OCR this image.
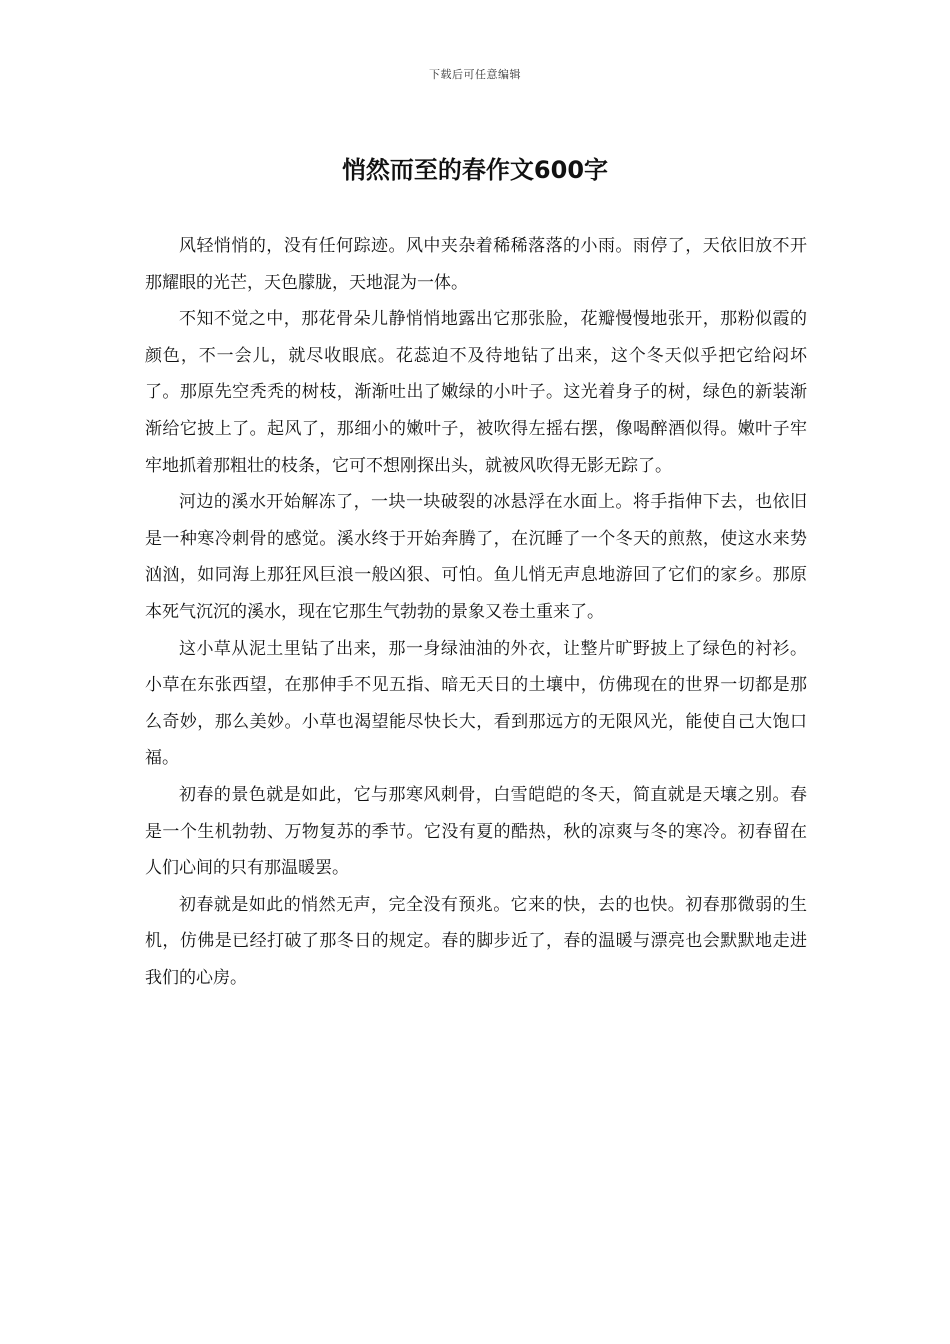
下载后可任意编辑
悄然而至的春作文600字

风轻悄悄的，没有任何踪迹。风中夹杂着稀稀落落的小雨。雨停了，天依旧放不开那耀眼的光芒，天色朦胧，天地混为一体。

不知不觉之中，那花骨朵儿静悄悄地露出它那张脸，花瓣慢慢地张开，那粉似霞的颜色，不一会儿，就尽收眼底。花蕊迫不及待地钻了出来，这个冬天似乎把它给闷坏了。那原先空秃秃的树枝，渐渐吐出了嫩绿的小叶子。这光着身子的树，绿色的新装渐渐给它披上了。起风了，那细小的嫩叶子，被吹得左摇右摆，像喝醉酒似得。嫩叶子牢牢地抓着那粗壮的枝条，它可不想刚探出头，就被风吹得无影无踪了。

河边的溪水开始解冻了，一块一块破裂的冰悬浮在水面上。将手指伸下去，也依旧是一种寒冷刺骨的感觉。溪水终于开始奔腾了，在沉睡了一个冬天的煎熬，使这水来势汹汹，如同海上那狂风巨浪一般凶狠、可怕。鱼儿悄无声息地游回了它们的家乡。那原本死气沉沉的溪水，现在它那生气勃勃的景象又卷土重来了。

这小草从泥土里钻了出来，那一身绿油油的外衣，让整片旷野披上了绿色的衬衫。小草在东张西望，在那伸手不见五指、暗无天日的土壤中，仿佛现在的世界一切都是那么奇妙，那么美妙。小草也渴望能尽快长大，看到那远方的无限风光，能使自己大饱口福。

初春的景色就是如此，它与那寒风刺骨，白雪皑皑的冬天，简直就是天壤之别。春是一个生机勃勃、万物复苏的季节。它没有夏的酷热，秋的凉爽与冬的寒冷。初春留在人们心间的只有那温暖罢。

初春就是如此的悄然无声，完全没有预兆。它来的快，去的也快。初春那微弱的生机，仿佛是已经打破了那冬日的规定。春的脚步近了，春的温暖与漂亮也会默默地走进我们的心房。
